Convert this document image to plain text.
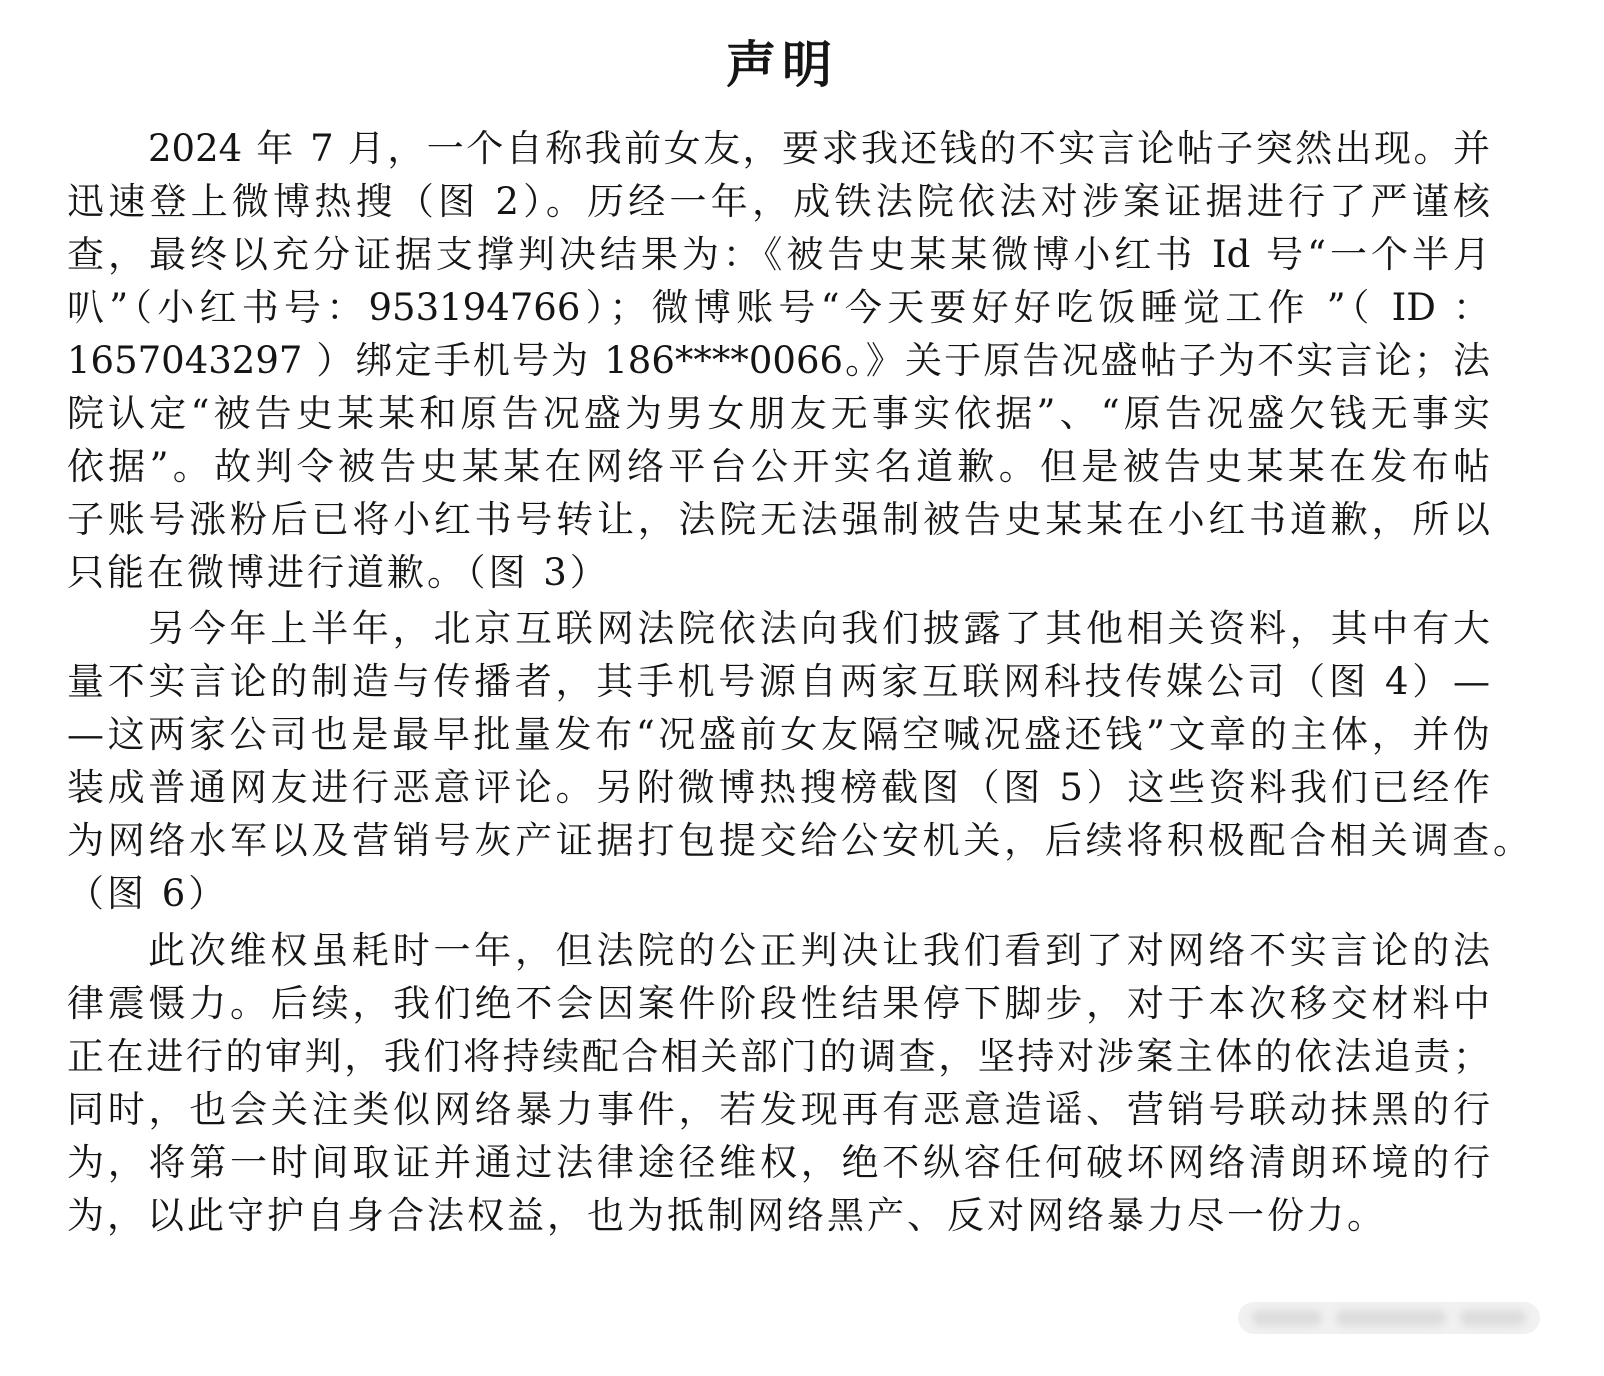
声明
2024 年 7 月，一个自称我前女友，要求我还钱的不实言论帖子突然出现。并
迅速登上微博热搜（图 2）。历经一年，成铁法院依法对涉案证据进行了严谨核
查，最终以充分证据支撑判决结果为：《被告史某某微博小红书 Id 号“一个半月
叭”（小红书号：953194766）；微博账号“今天要好好吃饭睡觉工作 ”（ ID ：
1657043297 ）绑定手机号为 186****0066。》关于原告况盛帖子为不实言论；法
院认定“被告史某某和原告况盛为男女朋友无事实依据”、“原告况盛欠钱无事实
依据”。故判令被告史某某在网络平台公开实名道歉。但是被告史某某在发布帖
子账号涨粉后已将小红书号转让，法院无法强制被告史某某在小红书道歉，所以
只能在微博进行道歉。（图 3）
另今年上半年，北京互联网法院依法向我们披露了其他相关资料，其中有大
量不实言论的制造与传播者，其手机号源自两家互联网科技传媒公司（图 4）—
—这两家公司也是最早批量发布“况盛前女友隔空喊况盛还钱”文章的主体，并伪
装成普通网友进行恶意评论。另附微博热搜榜截图（图 5）这些资料我们已经作
为网络水军以及营销号灰产证据打包提交给公安机关，后续将积极配合相关调查。
（图 6）
此次维权虽耗时一年，但法院的公正判决让我们看到了对网络不实言论的法
律震慑力。后续，我们绝不会因案件阶段性结果停下脚步，对于本次移交材料中
正在进行的审判，我们将持续配合相关部门的调查，坚持对涉案主体的依法追责；
同时，也会关注类似网络暴力事件，若发现再有恶意造谣、营销号联动抹黑的行
为，将第一时间取证并通过法律途径维权，绝不纵容任何破坏网络清朗环境的行
为，以此守护自身合法权益，也为抵制网络黑产、反对网络暴力尽一份力。
